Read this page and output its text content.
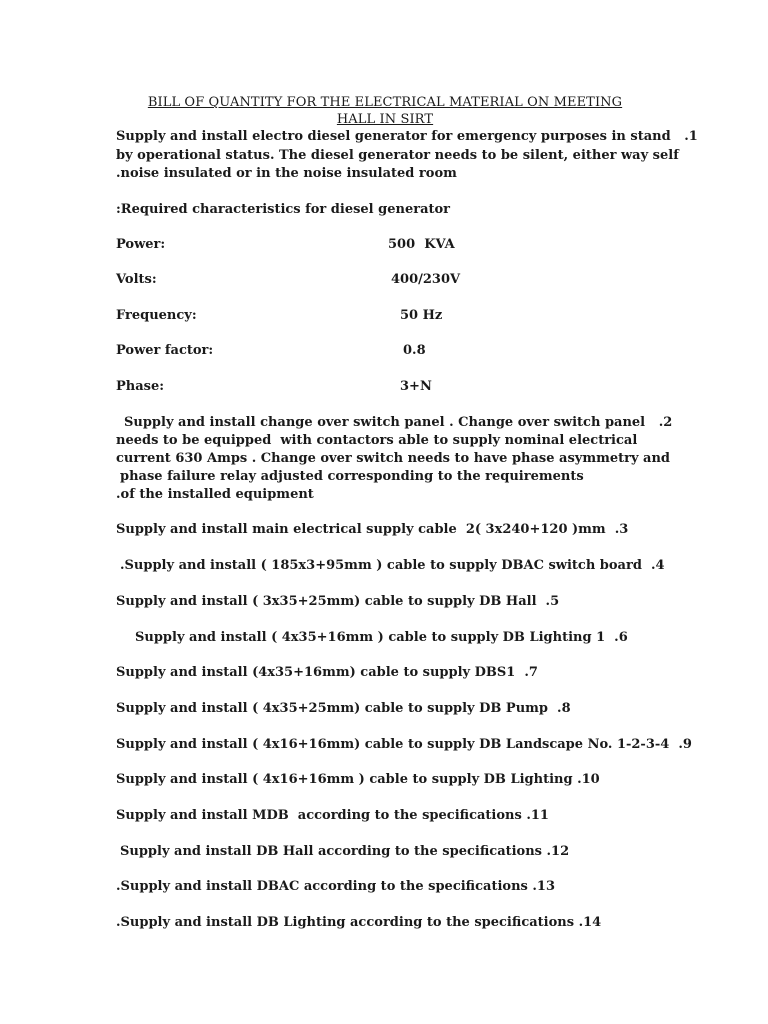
BILL OF QUANTITY FOR THE ELECTRICAL MATERIAL ON MEETING
HALL IN SIRT
Supply and install electro diesel generator for emergency purposes in stand   .1
by operational status. The diesel generator needs to be silent, either way self
.noise insulated or in the noise insulated room
:Required characteristics for diesel generator
Power:	500  KVA
Volts:	400/230V
Frequency:	50 Hz
Power factor:	0.8
Phase:	3+N
Supply and install change over switch panel . Change over switch panel   .2
needs to be equipped  with contactors able to supply nominal electrical
current 630 Amps . Change over switch needs to have phase asymmetry and
phase failure relay adjusted corresponding to the requirements
.of the installed equipment
Supply and install main electrical supply cable  2( 3x240+120 )mm  .3
.Supply and install ( 185x3+95mm ) cable to supply DBAC switch board  .4
Supply and install ( 3x35+25mm) cable to supply DB Hall  .5
Supply and install ( 4x35+16mm ) cable to supply DB Lighting 1  .6
Supply and install (4x35+16mm) cable to supply DBS1  .7
Supply and install ( 4x35+25mm) cable to supply DB Pump  .8
Supply and install ( 4x16+16mm) cable to supply DB Landscape No. 1-2-3-4  .9
Supply and install ( 4x16+16mm ) cable to supply DB Lighting .10
Supply and install MDB  according to the specifications .11
Supply and install DB Hall according to the specifications .12
.Supply and install DBAC according to the specifications .13
.Supply and install DB Lighting according to the specifications .14
